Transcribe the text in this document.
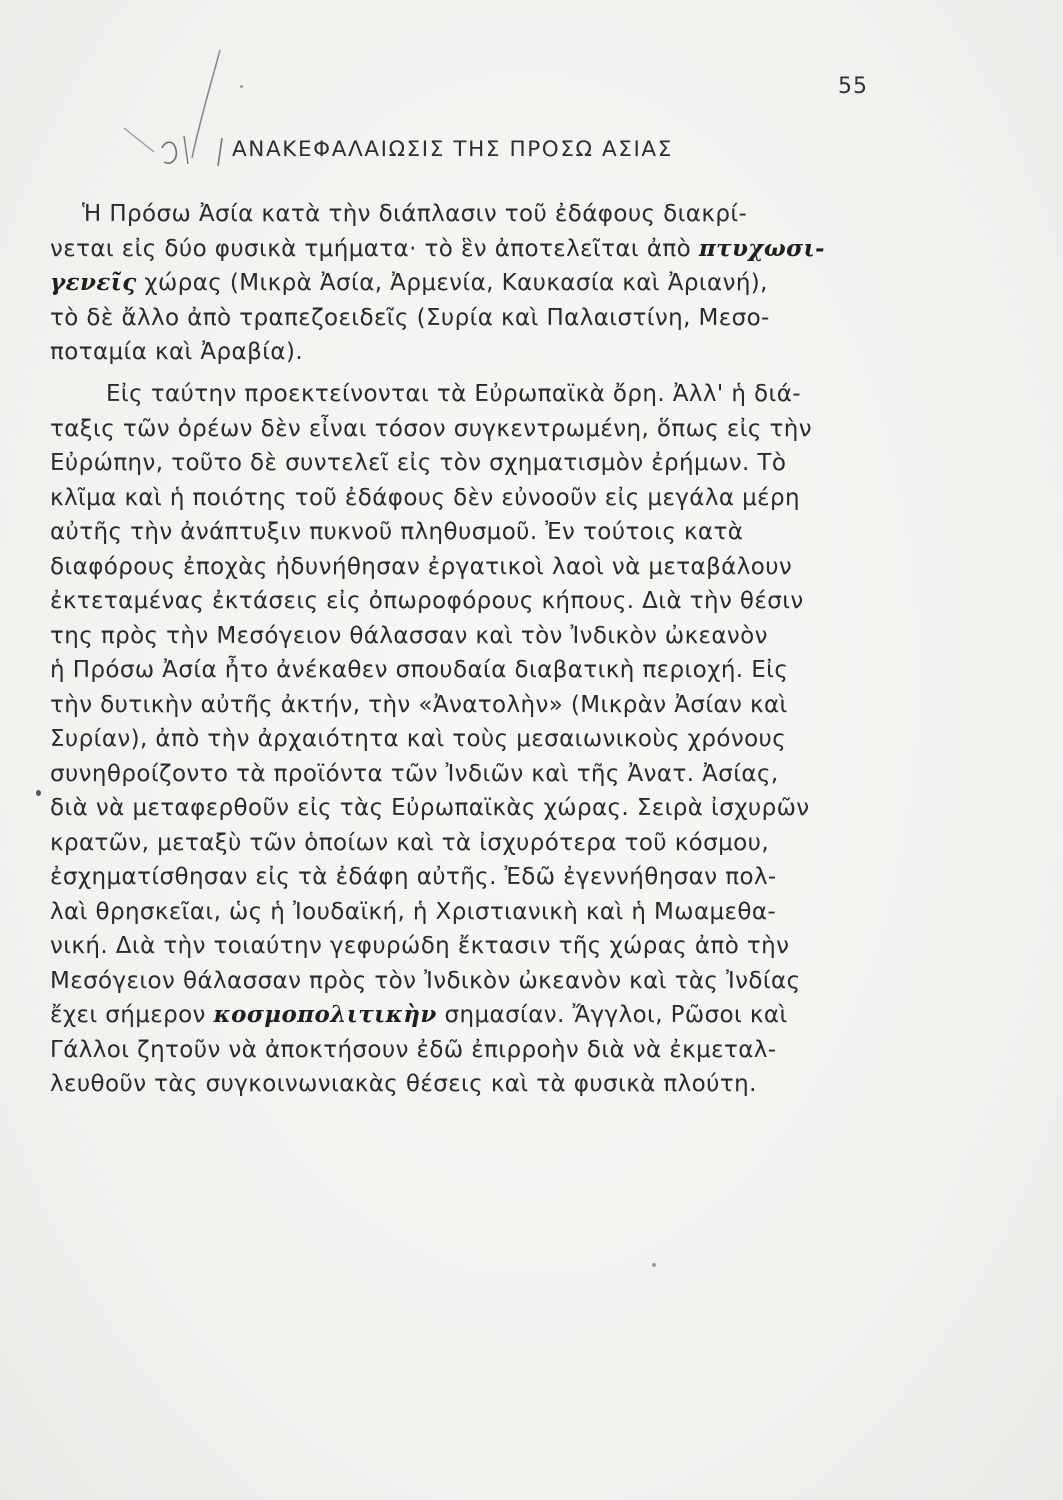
55
ΑΝΑΚΕΦΑΛΑΙΩΣΙΣ ΤΗΣ ΠΡΟΣΩ ΑΣΙΑΣ
Ἡ Πρόσω Ἀσία κατὰ τὴν διάπλασιν τοῦ ἐδάφους διακρί-
νεται εἰς δύο φυσικὰ τμήματα· τὸ ἓν ἀποτελεῖται ἀπὸ πτυχωσι-
γενεῖς χώρας (Μικρὰ Ἀσία, Ἀρμενία, Καυκασία καὶ Ἀριανή),
τὸ δὲ ἄλλο ἀπὸ τραπεζοειδεῖς (Συρία καὶ Παλαιστίνη, Μεσο-
ποταμία καὶ Ἀραβία).
Εἰς ταύτην προεκτείνονται τὰ Εὐρωπαϊκὰ ὄρη. Ἀλλ' ἡ διά-
ταξις τῶν ὀρέων δὲν εἶναι τόσον συγκεντρωμένη, ὅπως εἰς τὴν
Εὐρώπην, τοῦτο δὲ συντελεῖ εἰς τὸν σχηματισμὸν ἐρήμων. Τὸ
κλῖμα καὶ ἡ ποιότης τοῦ ἐδάφους δὲν εὐνοοῦν εἰς μεγάλα μέρη
αὐτῆς τὴν ἀνάπτυξιν πυκνοῦ πληθυσμοῦ. Ἐν τούτοις κατὰ
διαφόρους ἐποχὰς ἠδυνήθησαν ἐργατικοὶ λαοὶ νὰ μεταβάλουν
ἐκτεταμένας ἐκτάσεις εἰς ὀπωροφόρους κήπους. Διὰ τὴν θέσιν
της πρὸς τὴν Μεσόγειον θάλασσαν καὶ τὸν Ἰνδικὸν ὠκεανὸν
ἡ Πρόσω Ἀσία ἦτο ἀνέκαθεν σπουδαία διαβατικὴ περιοχή. Εἰς
τὴν δυτικὴν αὐτῆς ἀκτήν, τὴν «Ἀνατολὴν» (Μικρὰν Ἀσίαν καὶ
Συρίαν), ἀπὸ τὴν ἀρχαιότητα καὶ τοὺς μεσαιωνικοὺς χρόνους
συνηθροίζοντο τὰ προϊόντα τῶν Ἰνδιῶν καὶ τῆς Ἀνατ. Ἀσίας,
διὰ νὰ μεταφερθοῦν εἰς τὰς Εὐρωπαϊκὰς χώρας. Σειρὰ ἰσχυρῶν
κρατῶν, μεταξὺ τῶν ὁποίων καὶ τὰ ἰσχυρότερα τοῦ κόσμου,
ἐσχηματίσθησαν εἰς τὰ ἐδάφη αὐτῆς. Ἐδῶ ἐγεννήθησαν πολ-
λαὶ θρησκεῖαι, ὡς ἡ Ἰουδαϊκή, ἡ Χριστιανικὴ καὶ ἡ Μωαμεθα-
νική. Διὰ τὴν τοιαύτην γεφυρώδη ἔκτασιν τῆς χώρας ἀπὸ τὴν
Μεσόγειον θάλασσαν πρὸς τὸν Ἰνδικὸν ὠκεανὸν καὶ τὰς Ἰνδίας
ἔχει σήμερον κοσμοπολιτικὴν σημασίαν. Ἄγγλοι, Ρῶσοι καὶ
Γάλλοι ζητοῦν νὰ ἀποκτήσουν ἐδῶ ἐπιρροὴν διὰ νὰ ἐκμεταλ-
λευθοῦν τὰς συγκοινωνιακὰς θέσεις καὶ τὰ φυσικὰ πλούτη.
